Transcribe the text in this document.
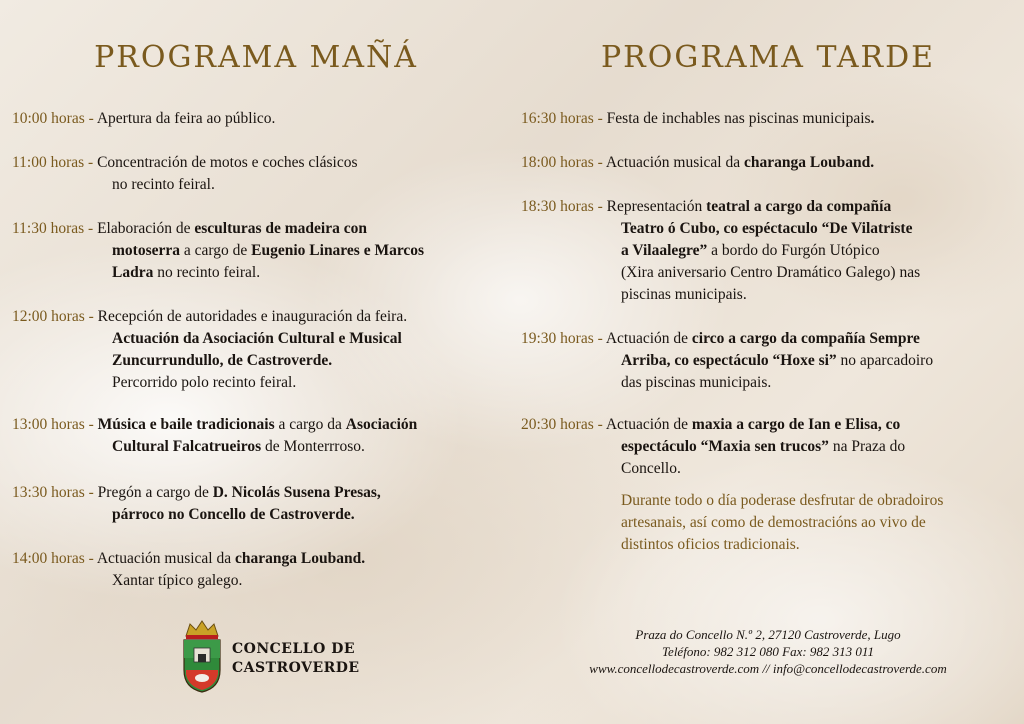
PROGRAMA MAÑÁ
10:00 horas - Apertura da feira ao público.
11:00 horas - Concentración de motos e coches clásicos
no recinto feiral.
11:30 horas - Elaboración de esculturas de madeira con
motoserra a cargo de Eugenio Linares e Marcos
Ladra no recinto feiral.
12:00 horas - Recepción de autoridades e inauguración da feira.
Actuación da Asociación Cultural e Musical
Zuncurrundullo, de Castroverde.
Percorrido polo recinto feiral.
13:00 horas - Música e baile tradicionais a cargo da Asociación
Cultural Falcatrueiros de Monterrroso.
13:30 horas - Pregón a cargo de D. Nicolás Susena Presas,
párroco no Concello de Castroverde.
14:00 horas - Actuación musical da charanga Louband.
Xantar típico galego.
PROGRAMA TARDE
16:30 horas - Festa de inchables nas piscinas municipais.
18:00 horas - Actuación musical da charanga Louband.
18:30 horas - Representación teatral a cargo da compañía
Teatro ó Cubo, co espéctaculo “De Vilatriste
a Vilaalegre” a bordo do Furgón Utópico
(Xira aniversario Centro Dramático Galego) nas
piscinas municipais.
19:30 horas - Actuación de circo a cargo da compañía Sempre
Arriba, co espectáculo “Hoxe si” no aparcadoiro
das piscinas municipais.
20:30 horas - Actuación de maxia a cargo de Ian e Elisa, co
espectáculo “Maxia sen trucos” na Praza do
Concello.
Durante todo o día poderase desfrutar de obradoiros
artesanais, así como de demostracións ao vivo de
distintos oficios tradicionais.
CONCELLO DE
CASTROVERDE
Praza do Concello N.º 2, 27120 Castroverde, Lugo
Teléfono: 982 312 080 Fax: 982 313 011
www.concellodecastroverde.com // info@concellodecastroverde.com
